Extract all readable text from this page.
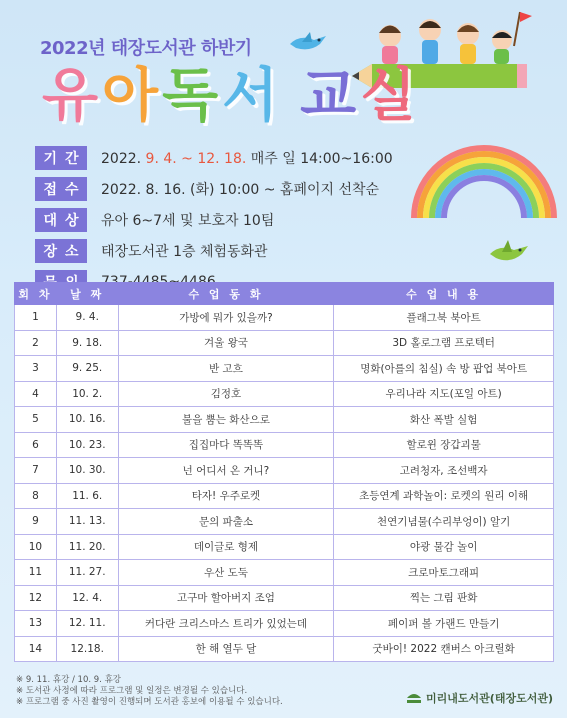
2022년 태장도서관 하반기
유 아 독 서 교 실
기간 2022. 9. 4. ~ 12. 18. 매주 일 14:00~16:00
접수 2022. 8. 16. (화) 10:00 ~ 홈페이지 선착순
대상 유아 6~7세 및 보호자 10팀
장소 태장도서관 1층 체험동화관
회 차	날 짜	수 업 동 화	수 업 내 용
1	9. 4.	가방에 뭐가 있을까?	플래그북 북아트
2	9. 18.	겨울 왕국	3D 홀로그램 프로텍터
3	9. 25.	반 고흐	명화(아를의 침실) 속 방 팝업 북아트
4	10. 2.	김정호	우리나라 지도(포일 아트)
5	10. 16.	불을 뿜는 화산으로	화산 폭발 실험
6	10. 23.	집집마다 똑똑똑	할로윈 장갑괴물
7	10. 30.	넌 어디서 온 거니?	고려청자, 조선백자
8	11. 6.	타자! 우주로켓	초등연계 과학놀이: 로켓의 원리 이해
9	11. 13.	문의 파출소	천연기념물(수리부엉이) 알기
10	11. 20.	데이글로 형제	야광 물감 놀이
11	11. 27.	우산 도둑	크로마토그래피
12	12. 4.	고구마 할아버지 조엄	찍는 그림 판화
13	12. 11.	커다란 크리스마스 트리가 있었는데	페이퍼 볼 가랜드 만들기
14	12.18.	한 해 열두 달	굿바이! 2022 캔버스 아크릴화
※ 9. 11. 휴강 / 10. 9. 휴강
※ 도서관 사정에 따라 프로그램 및 일정은 변경될 수 있습니다.
※ 프로그램 중 사진 촬영이 진행되며 도서관 홍보에 이용될 수 있습니다.	미리내도서관(태장도서관)
